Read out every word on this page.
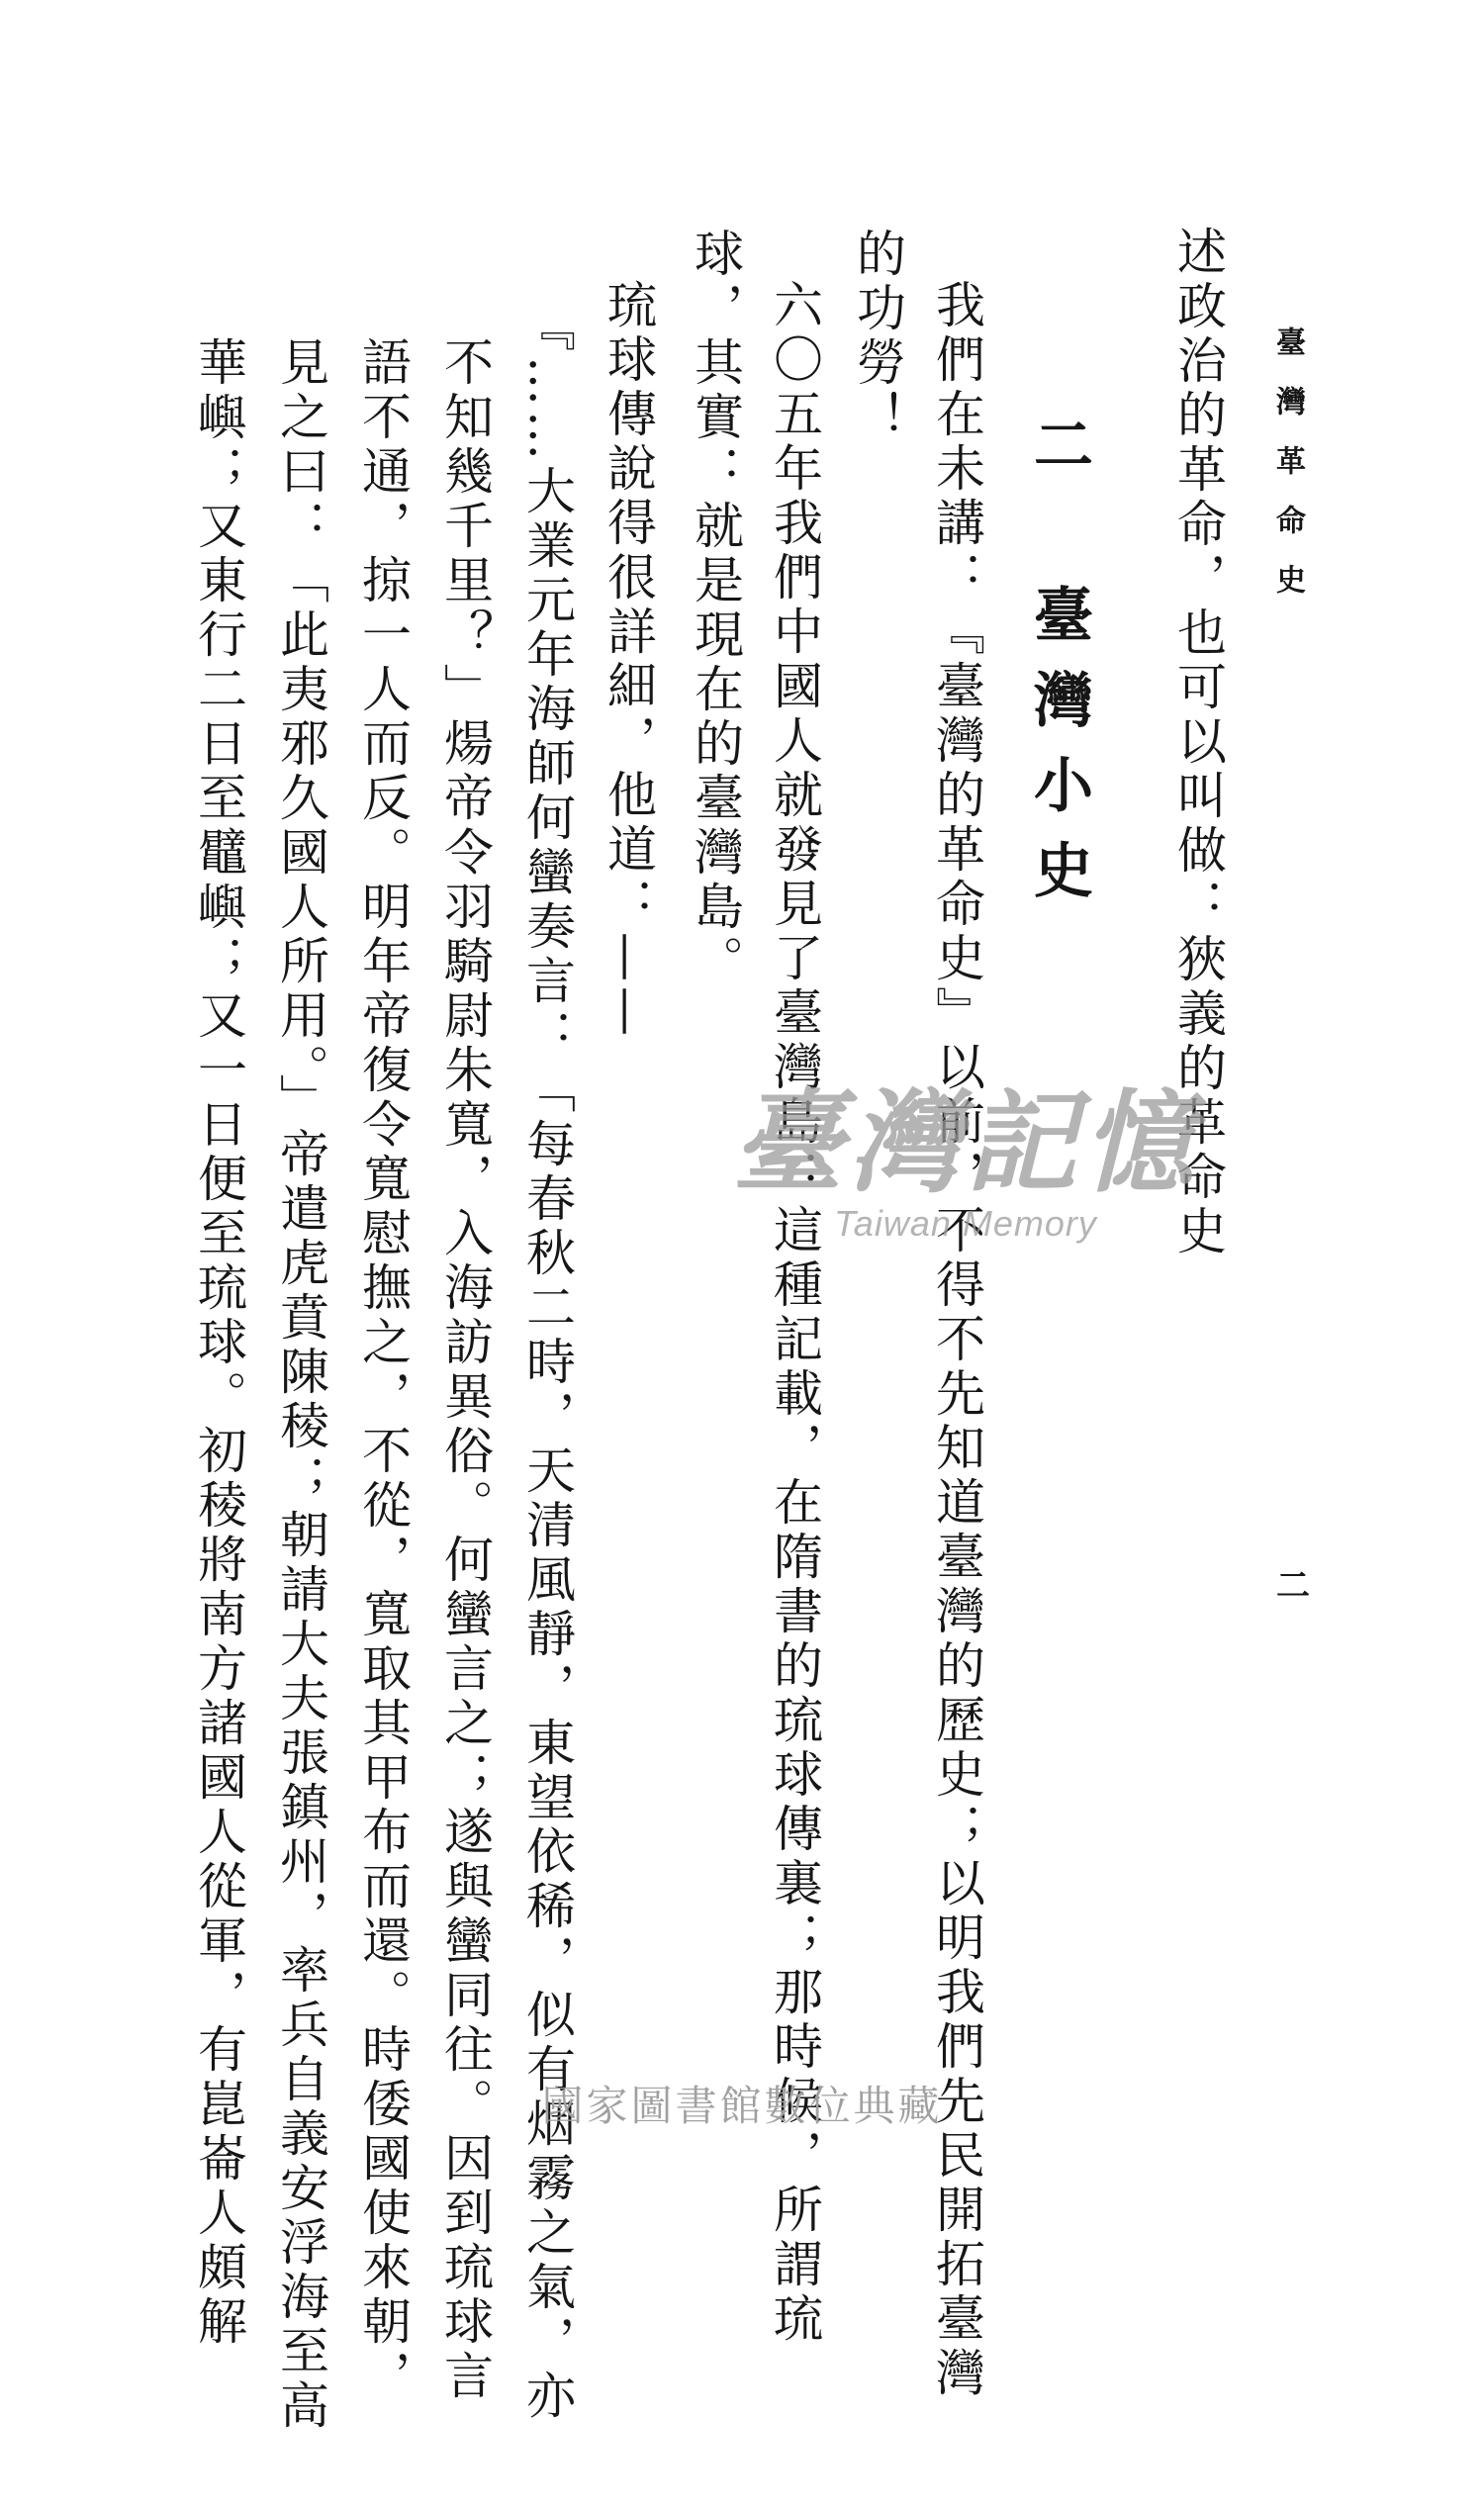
臺灣革命史
二
述政治的革命，也可以叫做：狹義的革命史
的功勞！
二　臺灣小史
我們在未講：『臺灣的革命史』以前，不得不先知道臺灣的歷史；以明我們先民開拓臺灣
六〇五年我們中國人就發見了臺灣島：這種記載，在隋書的琉球傳裏；那時候，所謂琉
球，其實：就是現在的臺灣島。
琉球傳說得很詳細，他道：——
『……大業元年海師何蠻奏言：「每春秋二時，天清風靜，東望依稀，似有烟霧之氣，亦
不知幾千里？」煬帝令羽騎尉朱寬，入海訪異俗。何蠻言之；遂與蠻同往。因到琉球言
語不通，掠一人而反。明年帝復令寬慰撫之，不從，寬取其甲布而還。時倭國使來朝，
見之曰：「此夷邪久國人所用。」帝遣虎賁陳稜；朝請大夫張鎮州，率兵自義安浮海至高
華嶼；又東行二日至鼊嶼；又一日便至琉球。初稜將南方諸國人從軍，有崑崙人頗解	臺灣記憶
Taiwan Memory
國家圖書館數位典藏
